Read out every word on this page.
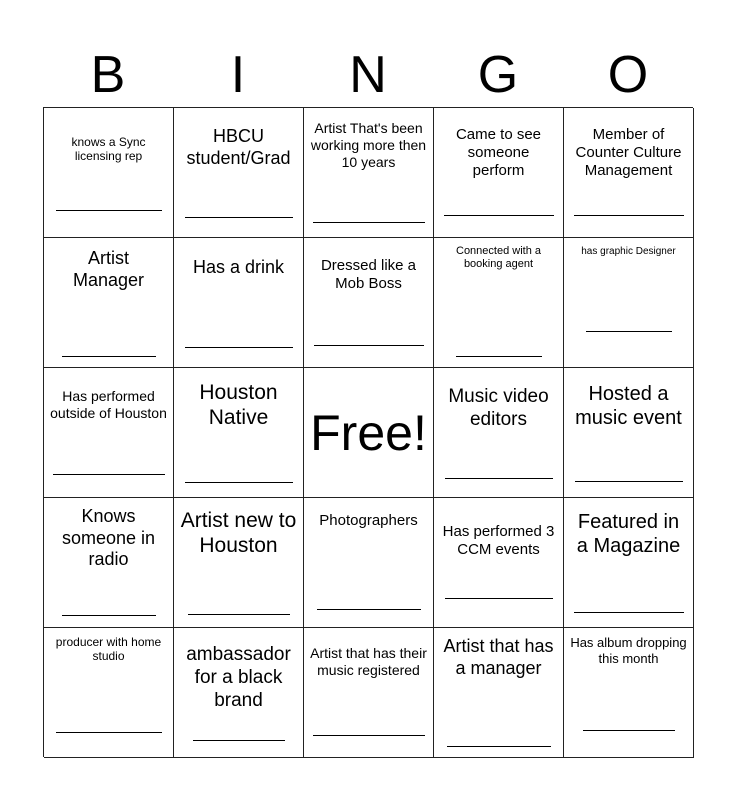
B	I	N	G	O
knows a Sync licensing rep
HBCU student/Grad
Artist That's been working more then 10 years
Came to see someone perform
Member of Counter Culture Management
Artist Manager
Has a drink	Dressed like a Mob Boss
Connected with a booking agent
has graphic Designer
Has performed outside of Houston
Houston Native Free!
Music video editors
Hosted a music event
Knows someone in radio
Artist new to Houston
Photographers
Has performed 3 CCM events
Featured in a Magazine
producer with home studio	ambassador for a black brand
Artist that has their music registered
Artist that has a manager
Has album dropping this month
